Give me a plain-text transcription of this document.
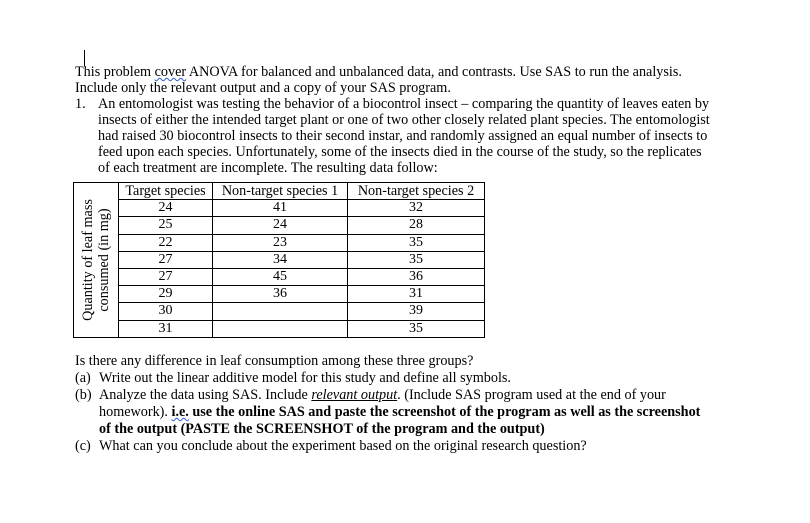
This problem cover ANOVA for balanced and unbalanced data, and contrasts. Use SAS to run the analysis.
Include only the relevant output and a copy of your SAS program.
1. An entomologist was testing the behavior of a biocontrol insect – comparing the quantity of leaves eaten by
insects of either the intended target plant or one of two other closely related plant species. The entomologist
had raised 30 biocontrol insects to their second instar, and randomly assigned an equal number of insects to
feed upon each species. Unfortunately, some of the insects died in the course of the study, so the replicates
of each treatment are incomplete. The resulting data follow:
Quantity of leaf mass consumed (in mg)	Target species	Non-target species 1	Non-target species 2
	24	41	32
	25	24	28
	22	23	35
	27	34	35
	27	45	36
	29	36	31
	30		39
	31		35
Is there any difference in leaf consumption among these three groups?
(a) Write out the linear additive model for this study and define all symbols.
(b) Analyze the data using SAS. Include relevant output. (Include SAS program used at the end of your
homework). i.e. use the online SAS and paste the screenshot of the program as well as the screenshot
of the output (PASTE the SCREENSHOT of the program and the output)
(c) What can you conclude about the experiment based on the original research question?
